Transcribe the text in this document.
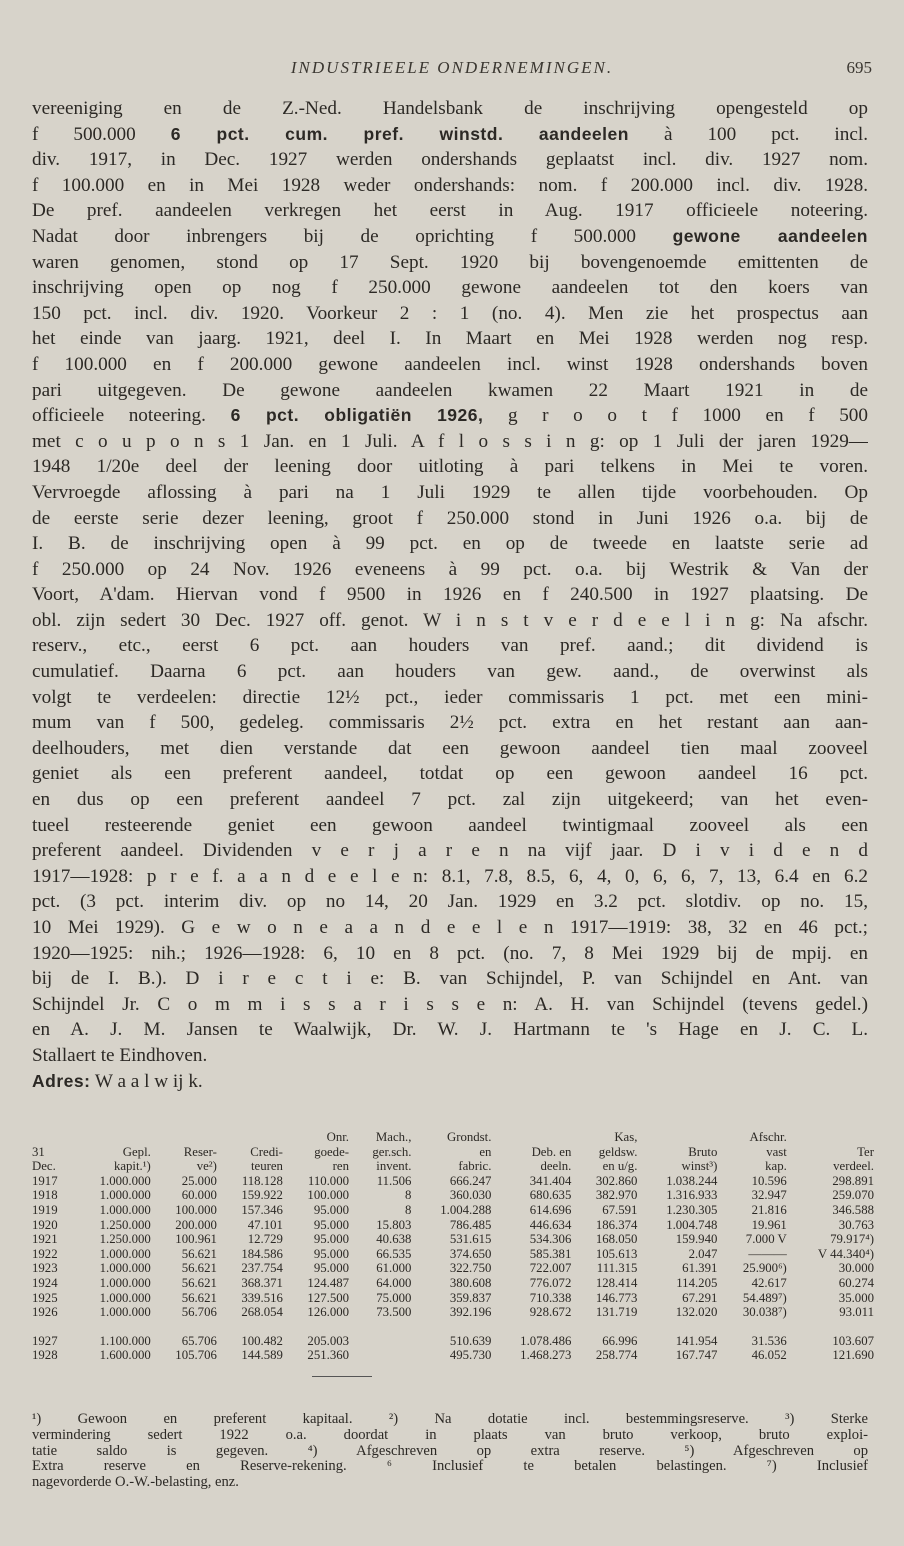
INDUSTRIEELE ONDERNEMINGEN.	695
vereeniging en de Z.-Ned. Handelsbank de inschrijving opengesteld op
f 500.000 6 pct. cum. pref. winstd. aandeelen à 100 pct. incl.
div. 1917, in Dec. 1927 werden ondershands geplaatst incl. div. 1927 nom.
f 100.000 en in Mei 1928 weder ondershands: nom. f 200.000 incl. div. 1928.
De pref. aandeelen verkregen het eerst in Aug. 1917 officieele noteering.
Nadat door inbrengers bij de oprichting f 500.000 gewone aandeelen
waren genomen, stond op 17 Sept. 1920 bij bovengenoemde emittenten de
inschrijving open op nog f 250.000 gewone aandeelen tot den koers van
150 pct. incl. div. 1920. Voorkeur 2 : 1 (no. 4). Men zie het prospectus aan
het einde van jaarg. 1921, deel I. In Maart en Mei 1928 werden nog resp.
f 100.000 en f 200.000 gewone aandeelen incl. winst 1928 ondershands boven
pari uitgegeven. De gewone aandeelen kwamen 22 Maart 1921 in de
officieele noteering. 6 pct. obligatiën 1926, g r o o t f 1000 en f 500
met c o u p o n s 1 Jan. en 1 Juli. A f l o s s i n g: op 1 Juli der jaren 1929—
1948 1/20e deel der leening door uitloting à pari telkens in Mei te voren.
Vervroegde aflossing à pari na 1 Juli 1929 te allen tijde voorbehouden. Op
de eerste serie dezer leening, groot f 250.000 stond in Juni 1926 o.a. bij de
I. B. de inschrijving open à 99 pct. en op de tweede en laatste serie ad
f 250.000 op 24 Nov. 1926 eveneens à 99 pct. o.a. bij Westrik & Van der
Voort, A'dam. Hiervan vond f 9500 in 1926 en f 240.500 in 1927 plaatsing. De
obl. zijn sedert 30 Dec. 1927 off. genot. W i n s t v e r d e e l i n g: Na afschr.
reserv., etc., eerst 6 pct. aan houders van pref. aand.; dit dividend is
cumulatief. Daarna 6 pct. aan houders van gew. aand., de overwinst als
volgt te verdeelen: directie 12½ pct., ieder commissaris 1 pct. met een mini-
mum van f 500, gedeleg. commissaris 2½ pct. extra en het restant aan aan-
deelhouders, met dien verstande dat een gewoon aandeel tien maal zooveel
geniet als een preferent aandeel, totdat op een gewoon aandeel 16 pct.
en dus op een preferent aandeel 7 pct. zal zijn uitgekeerd; van het even-
tueel resteerende geniet een gewoon aandeel twintigmaal zooveel als een
preferent aandeel. Dividenden v e r j a r e n na vijf jaar. D i v i d e n d
1917—1928: p r e f. a a n d e e l e n: 8.1, 7.8, 8.5, 6, 4, 0, 6, 6, 7, 13, 6.4 en 6.2
pct. (3 pct. interim div. op no 14, 20 Jan. 1929 en 3.2 pct. slotdiv. op no. 15,
10 Mei 1929). G e w o n e a a n d e e l e n 1917—1919: 38, 32 en 46 pct.;
1920—1925: nih.; 1926—1928: 6, 10 en 8 pct. (no. 7, 8 Mei 1929 bij de mpij. en
bij de I. B.). D i r e c t i e: B. van Schijndel, P. van Schijndel en Ant. van
Schijndel Jr. C o m m i s s a r i s s e n: A. H. van Schijndel (tevens gedel.)
en A. J. M. Jansen te Waalwijk, Dr. W. J. Hartmann te 's Hage en J. C. L.
Stallaert te Eindhoven.
Adres: W a a l w ij k.
				Onr.	Mach.,	Grondst.		Kas,		Afschr.	
31	Gepl.	Reser-	Credi-	goede-	ger.sch.	en	Deb. en	geldsw.	Bruto	vast	Ter
Dec.	kapit.¹)	ve²)	teuren	ren	invent.	fabric.	deeln.	en u/g.	winst³)	kap.	verdeel.
1917	1.000.000	25.000	118.128	110.000	11.506	666.247	341.404	302.860	1.038.244	10.596	298.891
1918	1.000.000	60.000	159.922	100.000	8	360.030	680.635	382.970	1.316.933	32.947	259.070
1919	1.000.000	100.000	157.346	95.000	8	1.004.288	614.696	67.591	1.230.305	21.816	346.588
1920	1.250.000	200.000	47.101	95.000	15.803	786.485	446.634	186.374	1.004.748	19.961	30.763
1921	1.250.000	100.961	12.729	95.000	40.638	531.615	534.306	168.050	159.940	7.000 V	79.917⁴)
1922	1.000.000	56.621	184.586	95.000	66.535	374.650	585.381	105.613	2.047	———	V 44.340⁴)
1923	1.000.000	56.621	237.754	95.000	61.000	322.750	722.007	111.315	61.391	25.900⁶)	30.000
1924	1.000.000	56.621	368.371	124.487	64.000	380.608	776.072	128.414	114.205	42.617	60.274
1925	1.000.000	56.621	339.516	127.500	75.000	359.837	710.338	146.773	67.291	54.489⁷)	35.000
1926	1.000.000	56.706	268.054	126.000	73.500	392.196	928.672	131.719	132.020	30.038⁷)	93.011

1927	1.100.000	65.706	100.482	205.003		510.639	1.078.486	66.996	141.954	31.536	103.607
1928	1.600.000	105.706	144.589	251.360		495.730	1.468.273	258.774	167.747	46.052	121.690
¹) Gewoon en preferent kapitaal. ²) Na dotatie incl. bestemmingsreserve. ³) Sterke
vermindering sedert 1922 o.a. doordat in plaats van bruto verkoop, bruto exploi-
tatie saldo is gegeven. ⁴) Afgeschreven op extra reserve. ⁵) Afgeschreven op
Extra reserve en Reserve-rekening. ⁶ Inclusief te betalen belastingen. ⁷) Inclusief
nagevorderde O.-W.-belasting, enz.
